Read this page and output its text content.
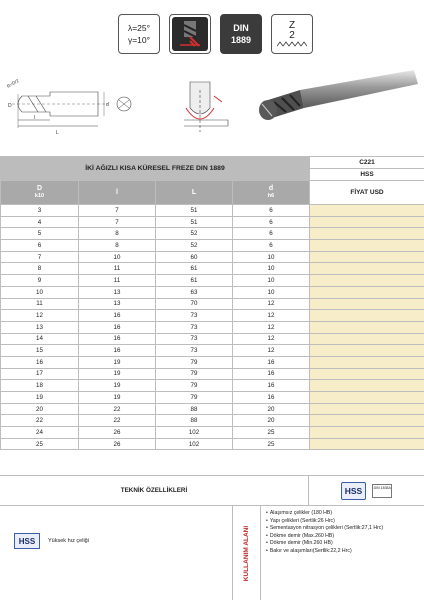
λ=25°
γ=10°
DIN
1889
Z
2
D
R=D/2
l
L
d
İKİ AĞIZLI KISA KÜRESEL FREZE DIN 1889				C221
				HSS
D
k10	l	L	d
h6	FİYAT USD
3	7	51	6	
4	7	51	6	
5	8	52	6	
6	8	52	6	
7	10	60	10	
8	11	61	10	
9	11	61	10	
10	13	63	10	
11	13	70	12	
12	16	73	12	
13	16	73	12	
14	16	73	12	
15	16	73	12	
16	19	79	16	
17	19	79	16	
18	19	79	16	
19	19	79	16	
20	22	88	20	
22	22	88	20	
24	26	102	25	
25	26	102	25	
TEKNİK ÖZELLİKLERİ	HSS	DIN 1835A
HSS	Yüksek hız çeliği	KULLANIM ALANI
• Alaşımsız çelikler (180 HB)
• Yapı çelikleri (Sertlik:26 Hrc)
• Sementasyon nitrasyon çelikleri (Sertlik:27,1 Hrc)
• Dökme demir (Max.260 HB)
• Dökme demir (Min.260 HB)
• Bakır ve alaşımları(Sertlik:22,2 Hrc)
